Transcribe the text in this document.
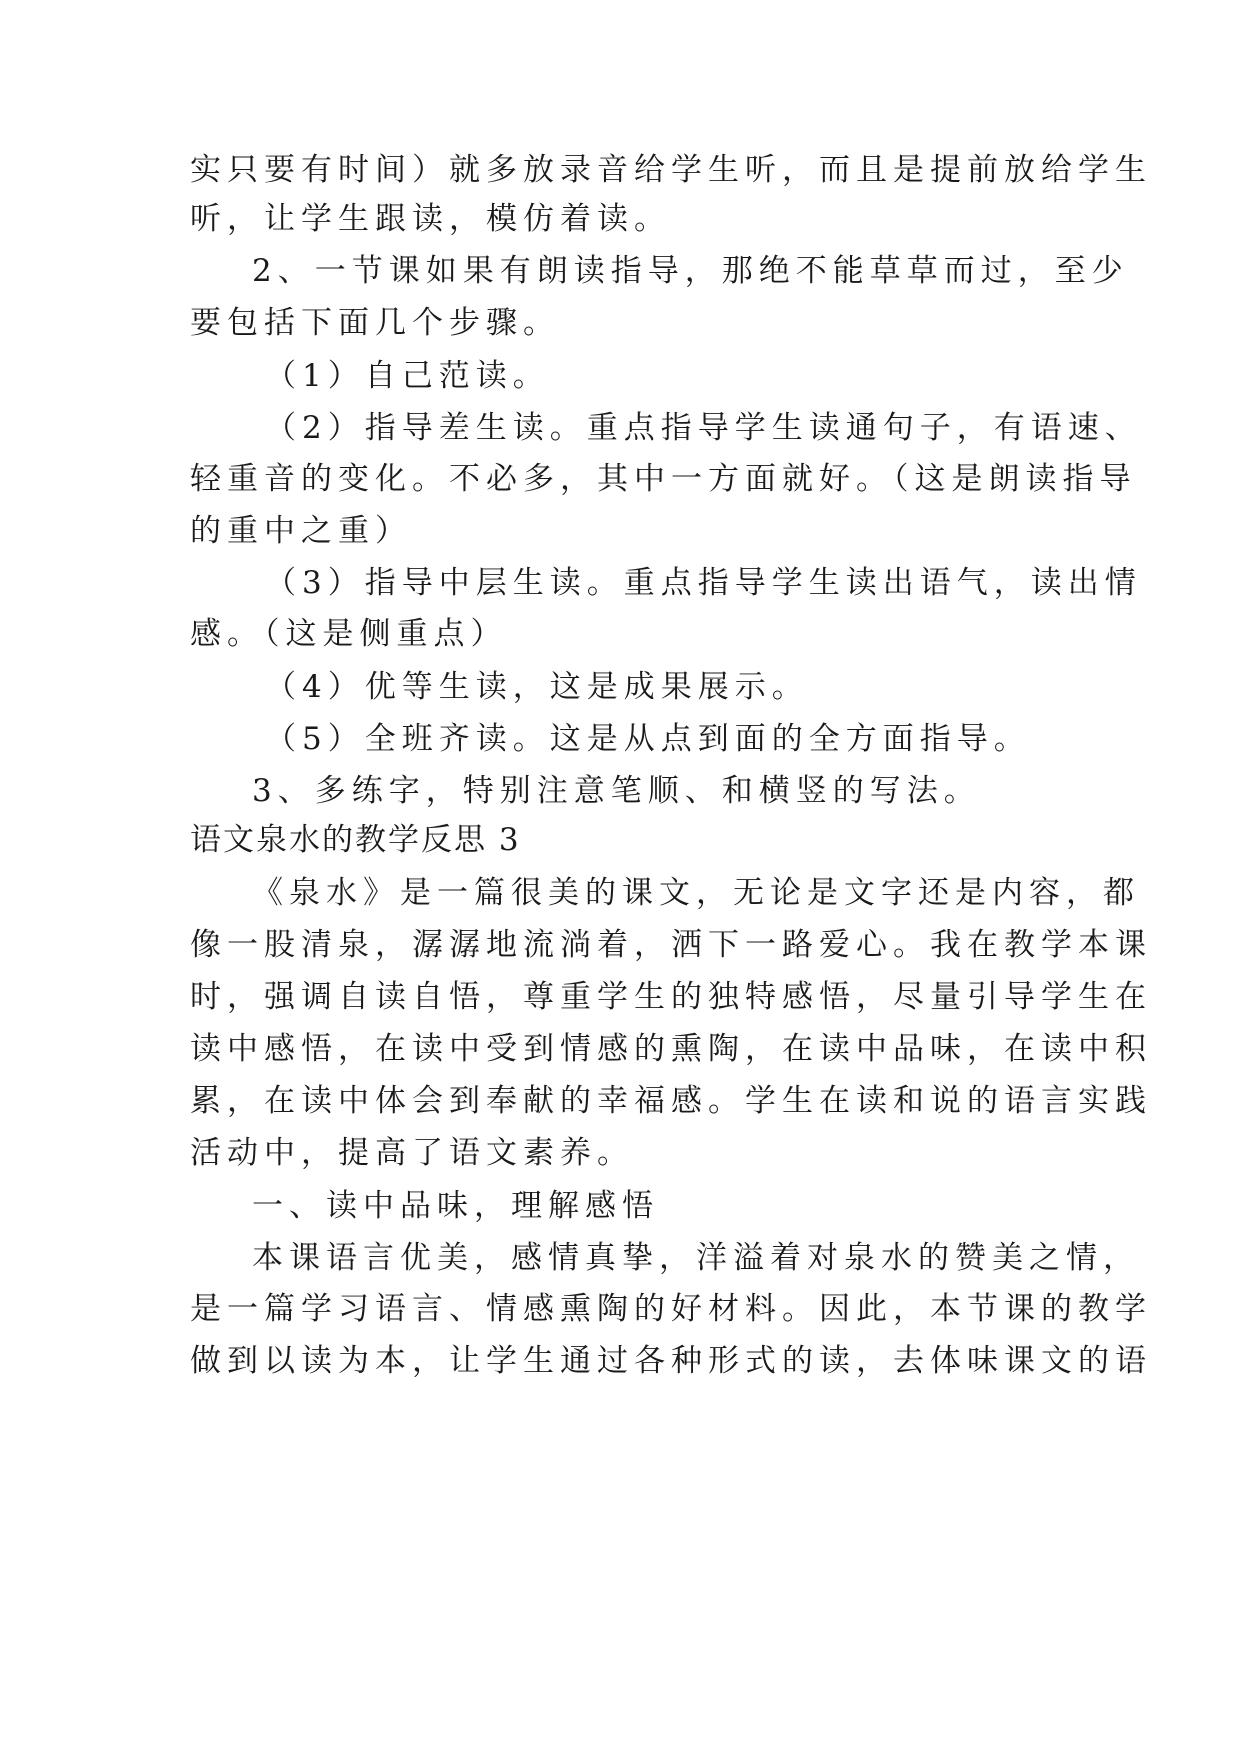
实只要有时间）就多放录音给学生听，而且是提前放给学生
听，让学生跟读，模仿着读。
2、一节课如果有朗读指导，那绝不能草草而过，至少
要包括下面几个步骤。
（1）自己范读。
（2）指导差生读。重点指导学生读通句子，有语速、
轻重音的变化。不必多，其中一方面就好。（这是朗读指导
的重中之重）
（3）指导中层生读。重点指导学生读出语气，读出情
感。（这是侧重点）
（4）优等生读，这是成果展示。
（5）全班齐读。这是从点到面的全方面指导。
3、多练字，特别注意笔顺、和横竖的写法。
语文泉水的教学反思 3
《泉水》是一篇很美的课文，无论是文字还是内容，都
像一股清泉，潺潺地流淌着，洒下一路爱心。我在教学本课
时，强调自读自悟，尊重学生的独特感悟，尽量引导学生在
读中感悟，在读中受到情感的熏陶，在读中品味，在读中积
累，在读中体会到奉献的幸福感。学生在读和说的语言实践
活动中，提高了语文素养。
一、读中品味，理解感悟
本课语言优美，感情真挚，洋溢着对泉水的赞美之情，
是一篇学习语言、情感熏陶的好材料。因此，本节课的教学
做到以读为本，让学生通过各种形式的读，去体味课文的语
